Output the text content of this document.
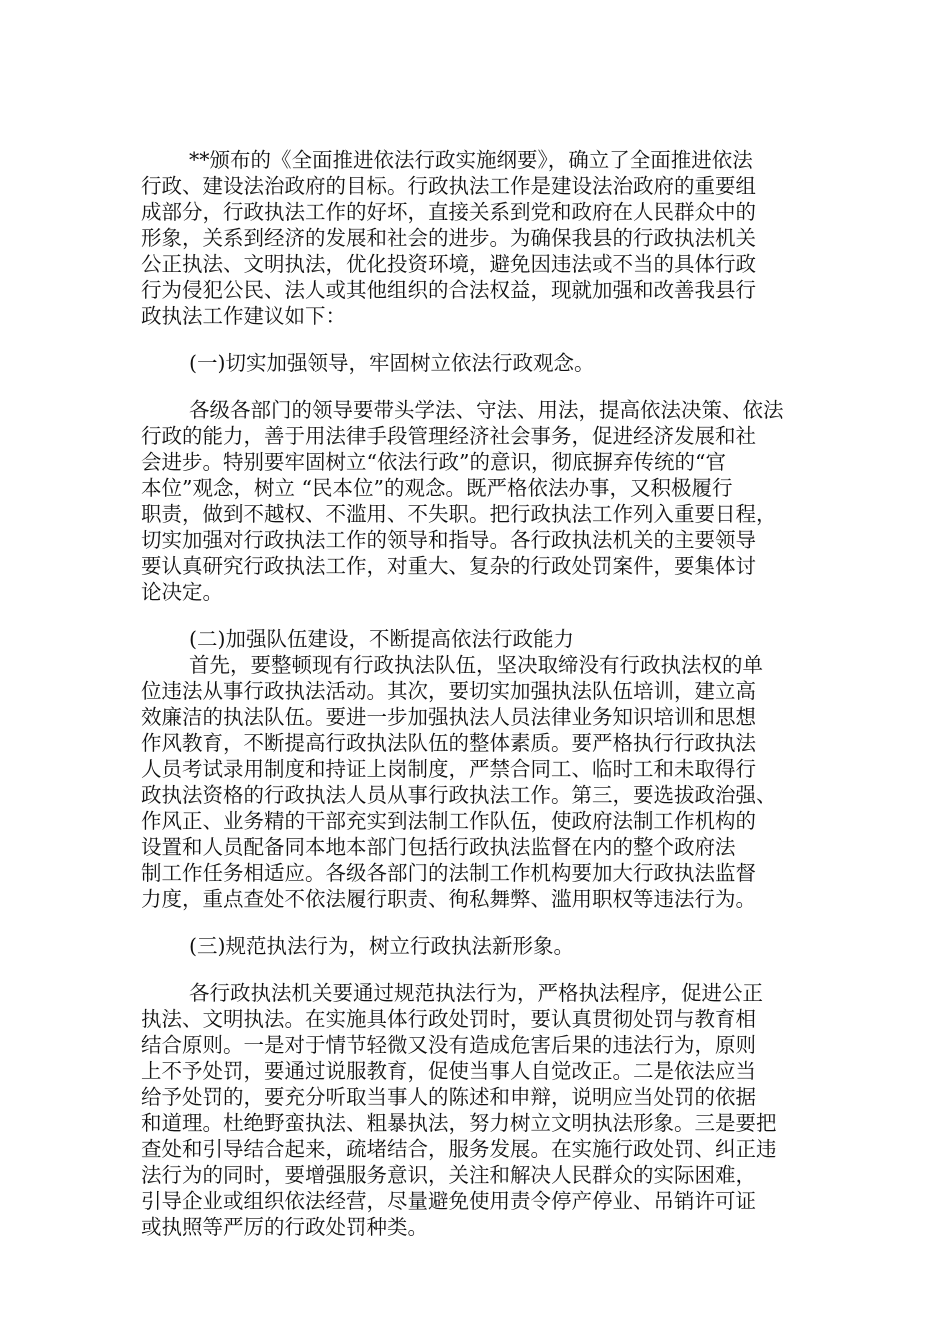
**颁布的《全面推进依法行政实施纲要》，确立了全面推进依法
行政、建设法治政府的目标。行政执法工作是建设法治政府的重要组
成部分，行政执法工作的好坏，直接关系到党和政府在人民群众中的
形象，关系到经济的发展和社会的进步。为确保我县的行政执法机关
公正执法、文明执法，优化投资环境，避免因违法或不当的具体行政
行为侵犯公民、法人或其他组织的合法权益，现就加强和改善我县行
政执法工作建议如下：
(一)切实加强领导，牢固树立依法行政观念。
各级各部门的领导要带头学法、守法、用法，提高依法决策、依法
行政的能力，善于用法律手段管理经济社会事务，促进经济发展和社
会进步。特别要牢固树立“依法行政”的意识，彻底摒弃传统的“官
本位”观念，树立 “民本位”的观念。既严格依法办事，又积极履行
职责，做到不越权、不滥用、不失职。把行政执法工作列入重要日程，
切实加强对行政执法工作的领导和指导。各行政执法机关的主要领导
要认真研究行政执法工作，对重大、复杂的行政处罚案件，要集体讨
论决定。
(二)加强队伍建设，不断提高依法行政能力
首先，要整顿现有行政执法队伍，坚决取缔没有行政执法权的单
位违法从事行政执法活动。其次，要切实加强执法队伍培训，建立高
效廉洁的执法队伍。要进一步加强执法人员法律业务知识培训和思想
作风教育，不断提高行政执法队伍的整体素质。要严格执行行政执法
人员考试录用制度和持证上岗制度，严禁合同工、临时工和未取得行
政执法资格的行政执法人员从事行政执法工作。第三，要选拔政治强、
作风正、业务精的干部充实到法制工作队伍，使政府法制工作机构的
设置和人员配备同本地本部门包括行政执法监督在内的整个政府法
制工作任务相适应。各级各部门的法制工作机构要加大行政执法监督
力度，重点查处不依法履行职责、徇私舞弊、滥用职权等违法行为。
(三)规范执法行为，树立行政执法新形象。
各行政执法机关要通过规范执法行为，严格执法程序，促进公正
执法、文明执法。在实施具体行政处罚时，要认真贯彻处罚与教育相
结合原则。一是对于情节轻微又没有造成危害后果的违法行为，原则
上不予处罚，要通过说服教育，促使当事人自觉改正。二是依法应当
给予处罚的，要充分听取当事人的陈述和申辩，说明应当处罚的依据
和道理。杜绝野蛮执法、粗暴执法，努力树立文明执法形象。三是要把
查处和引导结合起来，疏堵结合，服务发展。在实施行政处罚、纠正违
法行为的同时，要增强服务意识，关注和解决人民群众的实际困难，
引导企业或组织依法经营，尽量避免使用责令停产停业、吊销许可证
或执照等严厉的行政处罚种类。
